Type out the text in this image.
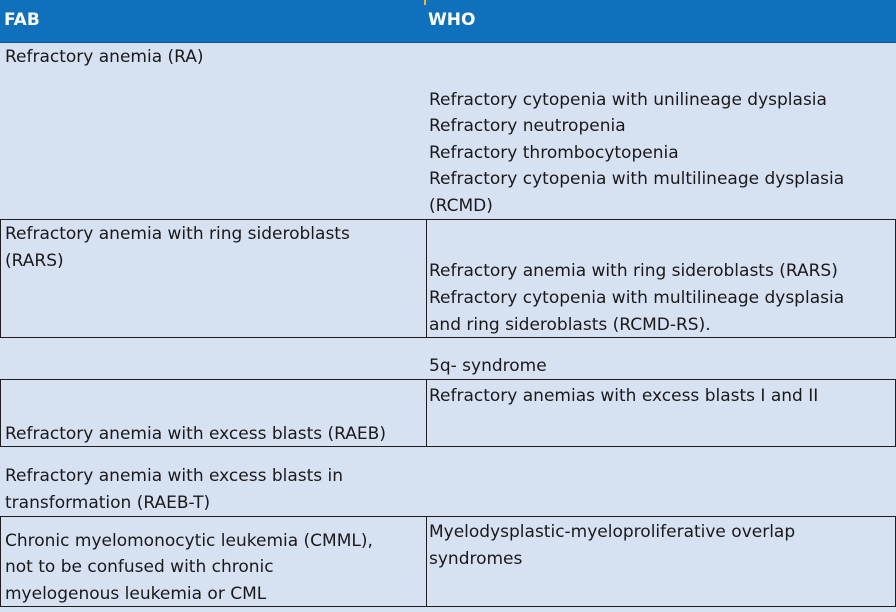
FAB	WHO
Refractory anemia (RA)
Refractory cytopenia with unilineage dysplasia
Refractory neutropenia
Refractory thrombocytopenia
Refractory cytopenia with multilineage dysplasia
(RCMD)
Refractory anemia with ring sideroblasts
(RARS)	Refractory anemia with ring sideroblasts (RARS)
Refractory cytopenia with multilineage dysplasia
and ring sideroblasts (RCMD-RS).
5q- syndrome
Refractory anemia with excess blasts (RAEB)
Refractory anemias with excess blasts I and II
Refractory anemia with excess blasts in
transformation (RAEB-T)
Chronic myelomonocytic leukemia (CMML),
not to be confused with chronic
myelogenous leukemia or CML
Myelodysplastic-myeloproliferative overlap
syndromes
